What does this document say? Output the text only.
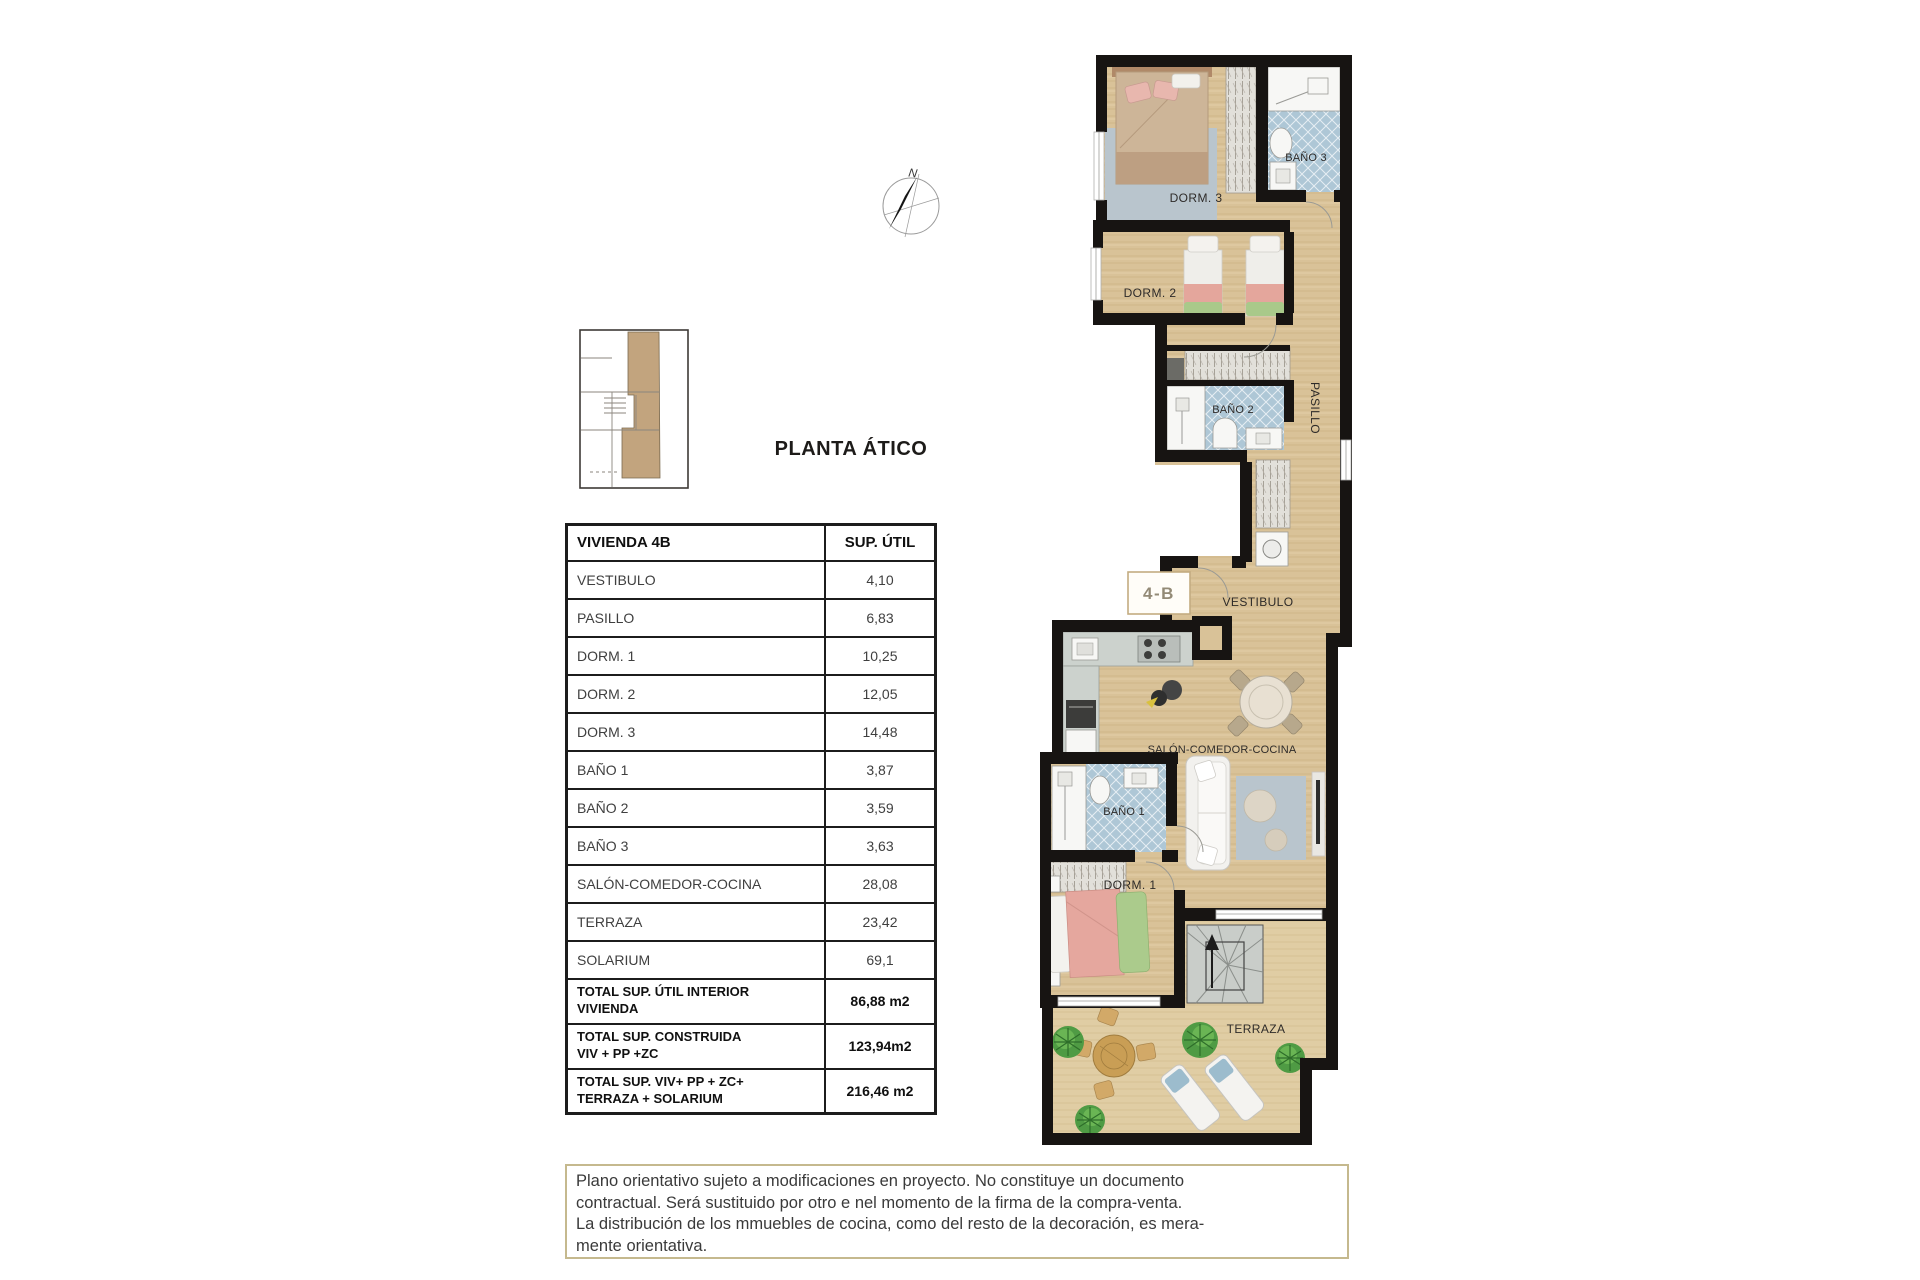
N
PLANTA ÁTICO
VIVIENDA 4B	SUP. ÚTIL
VESTIBULO	4,10
PASILLO	6,83
DORM. 1	10,25
DORM. 2	12,05
DORM. 3	14,48
BAÑO 1	3,87
BAÑO 2	3,59
BAÑO 3	3,63
SALÓN-COMEDOR-COCINA	28,08
TERRAZA	23,42
SOLARIUM	69,1

TOTAL SUP. ÚTIL INTERIOR
VIVIENDA	86,88 m2

TOTAL SUP. CONSTRUIDA
VIV + PP +ZC	123,94m2

TOTAL SUP. VIV+ PP + ZC+
TERRAZA + SOLARIUM	216,46 m2
4-B
DORM. 3
BAÑO 3
DORM. 2
BAÑO 2	PASILLO
VESTIBULO
SALÓN-COMEDOR-COCINA
BAÑO 1
DORM. 1
TERRAZA
Plano orientativo sujeto a modificaciones en proyecto. No constituye un documento
contractual. Será sustituido por otro e nel momento de la firma de la compra-venta.
La distribución de los mmuebles de cocina, como del resto de la decoración, es mera-
mente orientativa.
